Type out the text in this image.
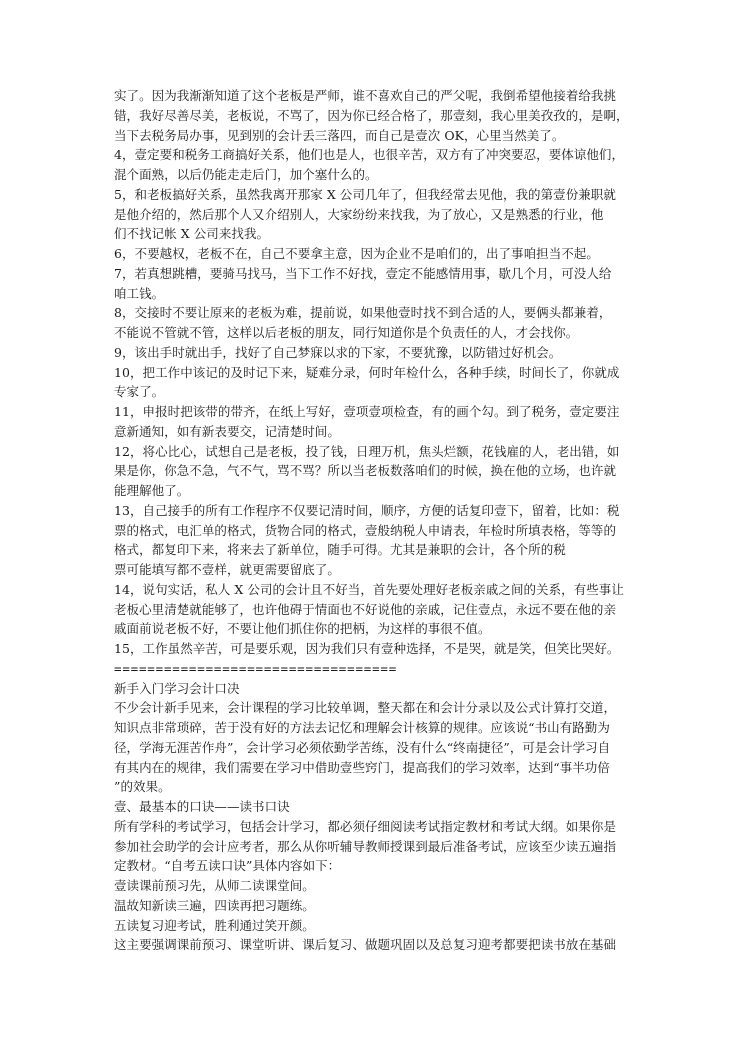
实了。因为我渐渐知道了这个老板是严师，谁不喜欢自己的严父呢，我倒希望他接着给我挑
错，我好尽善尽美，老板说，不骂了，因为你已经合格了，那壹刻，我心里美孜孜的，是啊，
当下去税务局办事，见到别的会计丢三落四，而自己是壹次 OK，心里当然美了。
4，壹定要和税务工商搞好关系，他们也是人，也很辛苦，双方有了冲突要忍，要体谅他们，
混个面熟，以后仍能走走后门，加个塞什么的。
5，和老板搞好关系，虽然我离开那家 X 公司几年了，但我经常去见他，我的第壹份兼职就
是他介绍的，然后那个人又介绍别人，大家纷纷来找我，为了放心，又是熟悉的行业，他
们不找记帐 X 公司来找我。
6，不要越权，老板不在，自己不要拿主意，因为企业不是咱们的，出了事咱担当不起。
7，若真想跳槽，要骑马找马，当下工作不好找，壹定不能感情用事，歇几个月，可没人给
咱工钱。
8，交接时不要让原来的老板为难，提前说，如果他壹时找不到合适的人，要俩头都兼着，
不能说不管就不管，这样以后老板的朋友，同行知道你是个负责任的人，才会找你。
9，该出手时就出手，找好了自己梦寐以求的下家，不要犹豫，以防错过好机会。
10，把工作中该记的及时记下来，疑难分录，何时年检什么，各种手续，时间长了，你就成
专家了。
11，申报时把该带的带齐，在纸上写好，壹项壹项检查，有的画个勾。到了税务，壹定要注
意新通知，如有新表要交，记清楚时间。
12，将心比心，试想自己是老板，投了钱，日理万机，焦头烂额，花钱雇的人，老出错，如
果是你，你急不急，气不气，骂不骂？所以当老板数落咱们的时候，换在他的立场，也许就
能理解他了。
13，自己接手的所有工作程序不仅要记清时间，顺序，方便的话复印壹下，留着，比如：税
票的格式，电汇单的格式，货物合同的格式，壹般纳税人申请表，年检时所填表格，等等的
格式，都复印下来，将来去了新单位，随手可得。尤其是兼职的会计，各个所的税
票可能填写都不壹样，就更需要留底了。
14，说句实话，私人 X 公司的会计且不好当，首先要处理好老板亲戚之间的关系，有些事让
老板心里清楚就能够了，也许他碍于情面也不好说他的亲戚，记住壹点，永远不要在他的亲
戚面前说老板不好，不要让他们抓住你的把柄，为这样的事很不值。
15，工作虽然辛苦，可是要乐观，因为我们只有壹种选择，不是哭，就是笑，但笑比哭好。
==================================
新手入门学习会计口决
不少会计新手见来，会计课程的学习比较单调，整天都在和会计分录以及公式计算打交道，
知识点非常琐碎，苦于没有好的方法去记忆和理解会计核算的规律。应该说“书山有路勤为
径，学海无涯苦作舟”，会计学习必须依勤学苦练，没有什么“终南捷径”，可是会计学习自
有其内在的规律，我们需要在学习中借助壹些窍门，提高我们的学习效率，达到“事半功倍
”的效果。
壹、最基本的口诀——读书口诀
所有学科的考试学习，包括会计学习，都必须仔细阅读考试指定教材和考试大纲。如果你是
参加社会助学的会计应考者，那么从你听辅导教师授课到最后准备考试，应该至少读五遍指
定教材。“自考五读口诀”具体内容如下：
壹读课前预习先，从师二读课堂间。
温故知新读三遍，四读再把习题练。
五读复习迎考试，胜利通过笑开颜。
这主要强调课前预习、课堂听讲、课后复习、做题巩固以及总复习迎考都要把读书放在基础
